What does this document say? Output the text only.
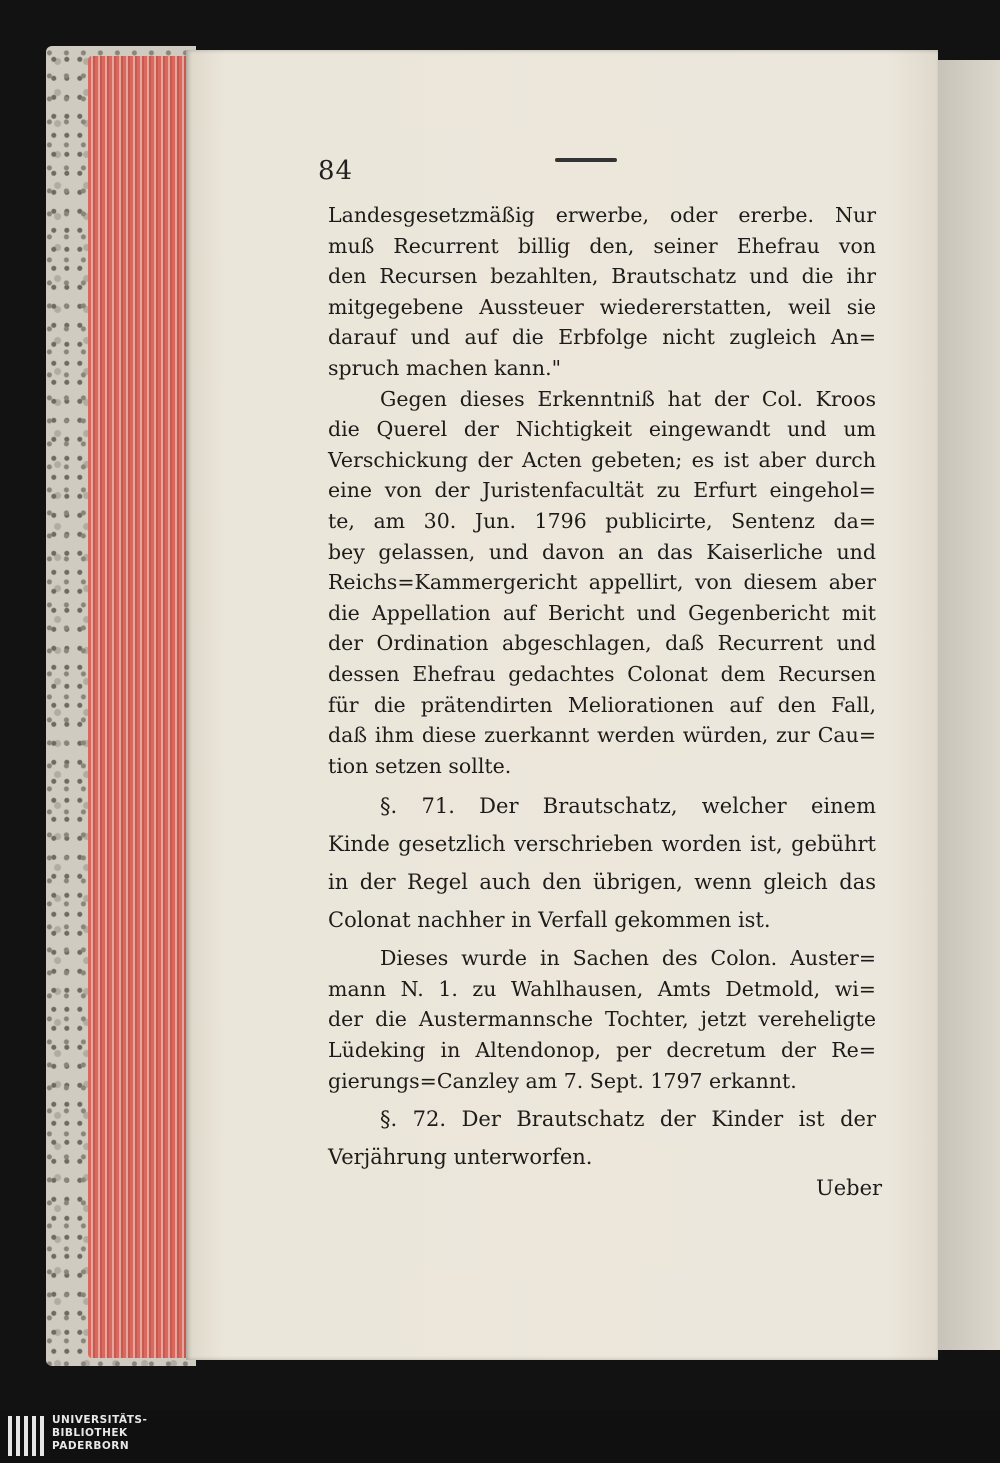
84
Landesgesetzmäßig erwerbe, oder ererbe. Nur
muß Recurrent billig den, seiner Ehefrau von
den Recursen bezahlten, Brautschatz und die ihr
mitgegebene Aussteuer wiedererstatten, weil sie
darauf und auf die Erbfolge nicht zugleich An=
spruch machen kann."
Gegen dieses Erkenntniß hat der Col. Kroos
die Querel der Nichtigkeit eingewandt und um
Verschickung der Acten gebeten; es ist aber durch
eine von der Juristenfacultät zu Erfurt eingehol=
te, am 30. Jun. 1796 publicirte, Sentenz da=
bey gelassen, und davon an das Kaiserliche und
Reichs=Kammergericht appellirt, von diesem aber
die Appellation auf Bericht und Gegenbericht mit
der Ordination abgeschlagen, daß Recurrent und
dessen Ehefrau gedachtes Colonat dem Recursen
für die prätendirten Meliorationen auf den Fall,
daß ihm diese zuerkannt werden würden, zur Cau=
tion setzen sollte.
§. 71. Der Brautschatz, welcher einem
Kinde gesetzlich verschrieben worden ist, gebührt
in der Regel auch den übrigen, wenn gleich das
Colonat nachher in Verfall gekommen ist.
Dieses wurde in Sachen des Colon. Auster=
mann N. 1. zu Wahlhausen, Amts Detmold, wi=
der die Austermannsche Tochter, jetzt verehelig͏te
Lüdeking in Altendonop, per decretum der Re=
gierungs=Canzley am 7. Sept. 1797 erkannt.
§. 72. Der Brautschatz der Kinder ist der
Verjährung unterworfen.
Ueber
UNIVERSITÄTS-
BIBLIOTHEK
PADERBORN
